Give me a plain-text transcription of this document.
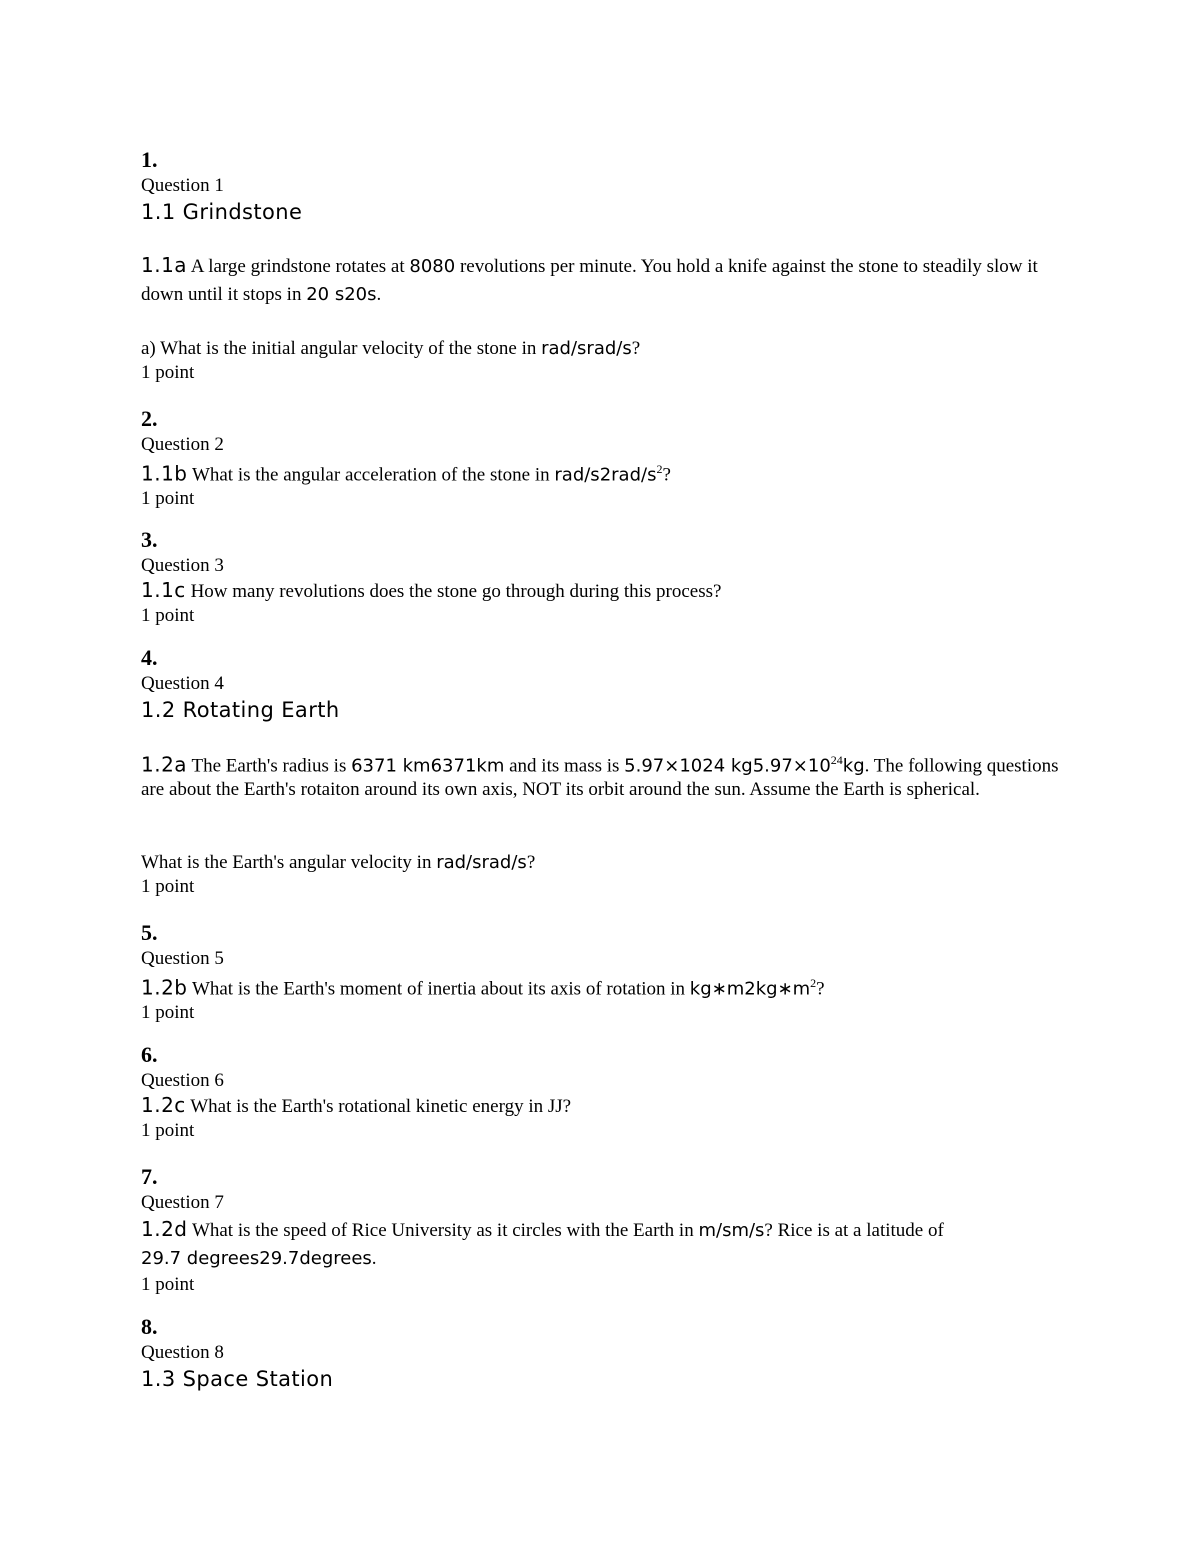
1.
Question 1
1.1 Grindstone
1.1a A large grindstone rotates at 8080 revolutions per minute. You hold a knife against the stone to steadily slow it down until it stops in 20 s20s.
a) What is the initial angular velocity of the stone in rad/srad/s?
1 point
2.
Question 2
1.1b What is the angular acceleration of the stone in rad/$s2rad/s^2$?
1 point
3.
Question 3
1.1c How many revolutions does the stone go through during this process?
1 point
4.
Question 4
1.2 Rotating Earth
1.2a The Earth's radius is 6371 km6371km and its mass is 5.97×1024 $kg5.97\times 10^{24}kg$. The following questions are about the Earth's rotaiton around its own axis, NOT its orbit around the sun. Assume the Earth is spherical.
What is the Earth's angular velocity in rad/srad/s?
1 point
5.
Question 5
1.2b What is the Earth's moment of inertia about its axis of rotation in $kg∗m2kg∗m^2$?
1 point
6.
Question 6
1.2c What is the Earth's rotational kinetic energy in JJ?
1 point
7.
Question 7
1.2d What is the speed of Rice University as it circles with the Earth in m/sm/s? Rice is at a latitude of
29.7 degrees29.7degrees.
1 point
8.
Question 8
1.3 Space Station
